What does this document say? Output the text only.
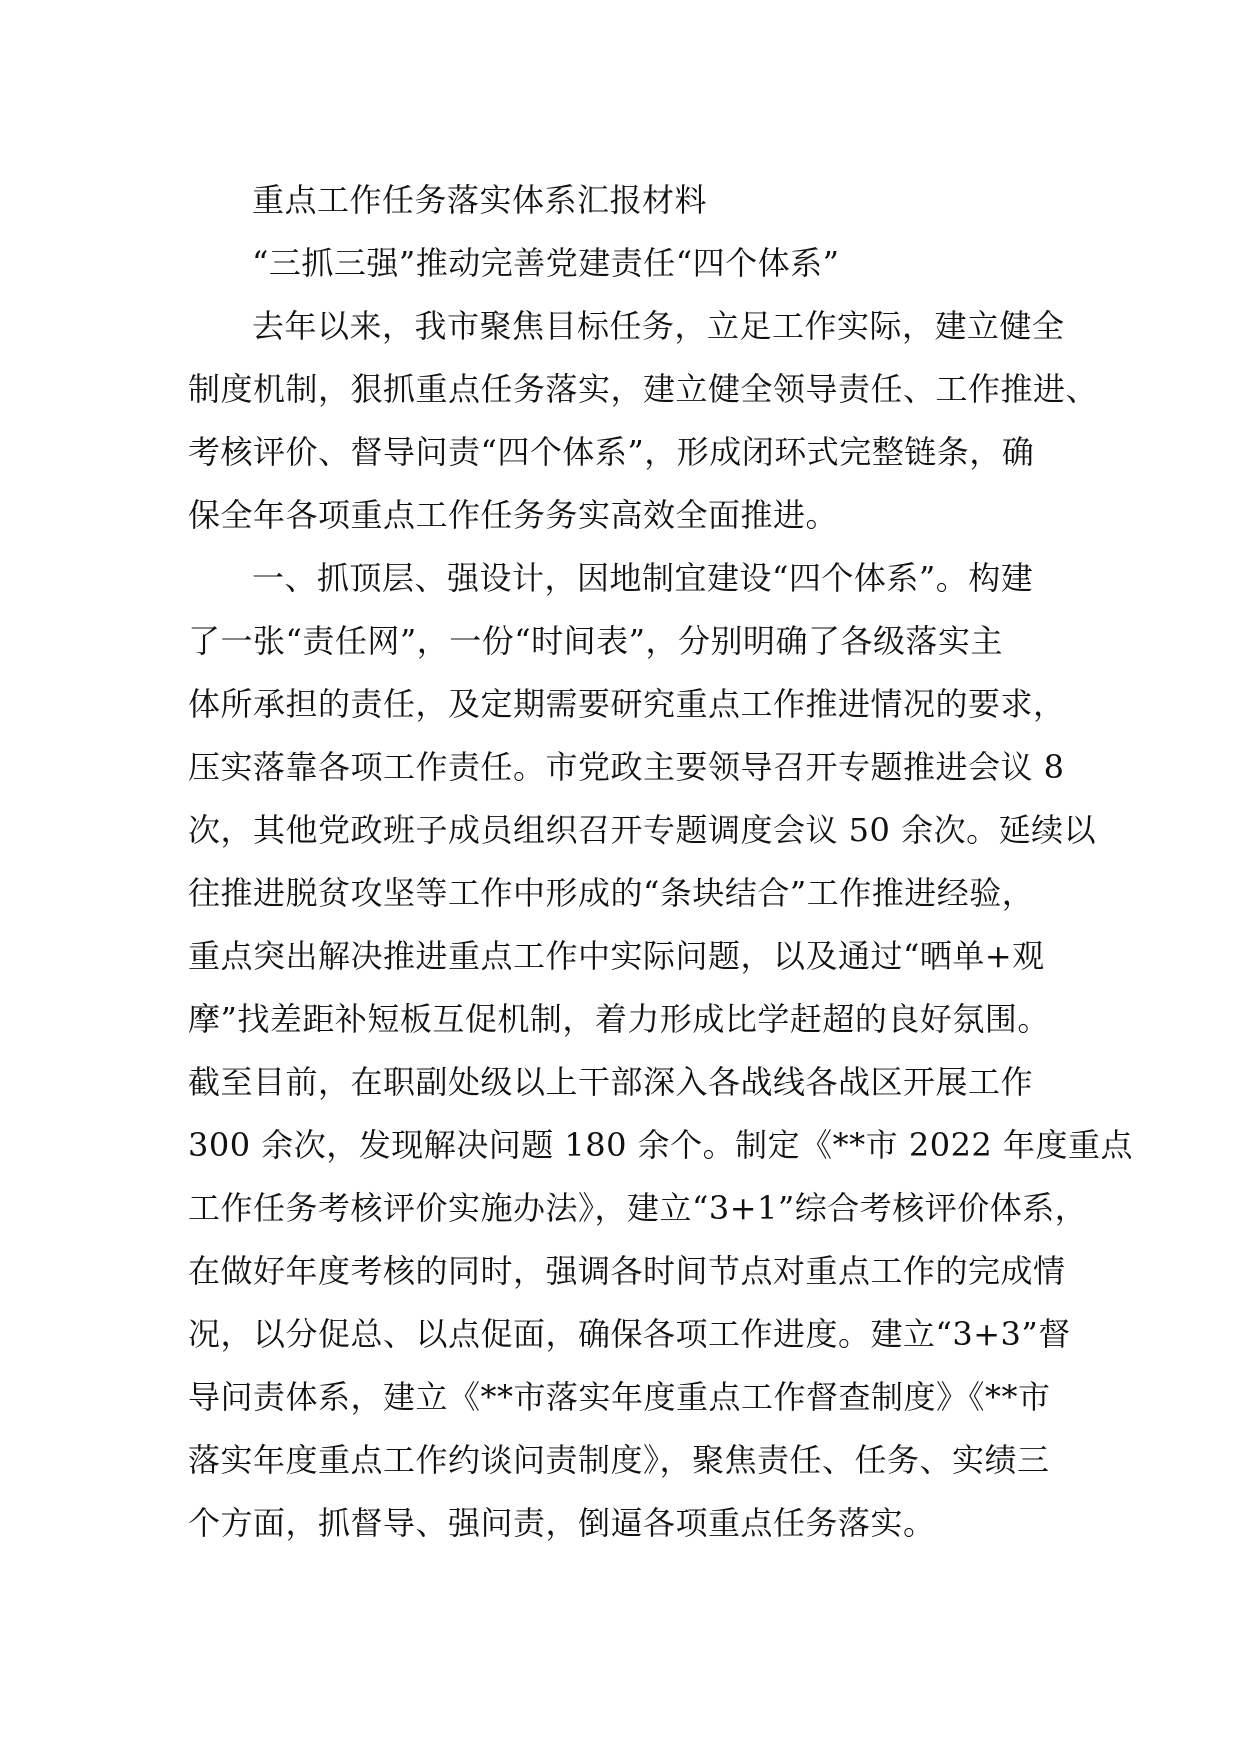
重点工作任务落实体系汇报材料
“三抓三强”推动完善党建责任“四个体系”
去年以来，我市聚焦目标任务，立足工作实际，建立健全
制度机制，狠抓重点任务落实，建立健全领导责任、工作推进、
考核评价、督导问责“四个体系”，形成闭环式完整链条，确
保全年各项重点工作任务务实高效全面推进。
一、抓顶层、强设计，因地制宜建设“四个体系”。构建
了一张“责任网”，一份“时间表”，分别明确了各级落实主
体所承担的责任，及定期需要研究重点工作推进情况的要求，
压实落靠各项工作责任。市党政主要领导召开专题推进会议 8
次，其他党政班子成员组织召开专题调度会议 50 余次。延续以
往推进脱贫攻坚等工作中形成的“条块结合”工作推进经验，
重点突出解决推进重点工作中实际问题，以及通过“晒单+观
摩”找差距补短板互促机制，着力形成比学赶超的良好氛围。
截至目前，在职副处级以上干部深入各战线各战区开展工作
300 余次，发现解决问题 180 余个。制定《**市 2022 年度重点
工作任务考核评价实施办法》，建立“3+1”综合考核评价体系，
在做好年度考核的同时，强调各时间节点对重点工作的完成情
况，以分促总、以点促面，确保各项工作进度。建立“3+3”督
导问责体系，建立《**市落实年度重点工作督查制度》《**市
落实年度重点工作约谈问责制度》，聚焦责任、任务、实绩三
个方面，抓督导、强问责，倒逼各项重点任务落实。
